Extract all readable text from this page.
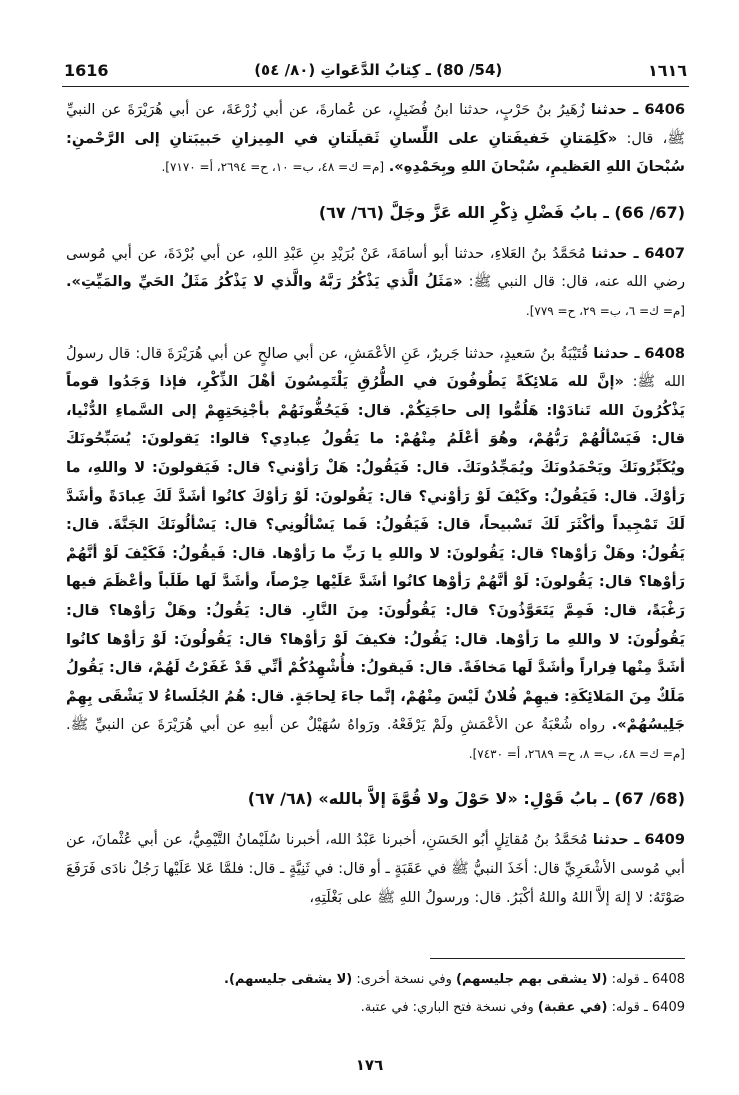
١٦١٦
(54/ 80) ـ كِتابُ الدَّعَواتِ (٨٠/ ٥٤)
1616

6406 ـ حدثنا زُهَيرُ بنُ حَرْبٍ، حدثنا ابنُ فُضَيلٍ، عن عُمارةَ، عن أبي زُرْعَةَ، عن أبي هُرَيْرَةَ عن النبيِّ ﷺ، قال: «كَلِمَتانِ خَفيفَتانِ على اللِّسانِ ثَقيلَتانِ في المِيزانِ حَبيبَتانِ إلى الرَّحْمنِ: سُبْحانَ اللهِ العَظيمِ، سُبْحانَ اللهِ وبِحَمْدِهِ». [م= ك= ٤٨، ب= ١٠، ح= ٢٦٩٤، أ= ٧١٧٠].

(67/ 66) ـ بابُ فَضْلِ ذِكْرِ الله عَزَّ وجَلَّ (٦٦/ ٦٧)

6407 ـ حدثنا مُحَمَّدُ بنُ العَلاءِ، حدثنا أبو أسامَةَ، عَنْ بُرَيْدِ بنِ عَبْدِ اللهِ، عن أبي بُرْدَةَ، عن أبي مُوسى رضي الله عنه، قال: قال النبي ﷺ: «مَثَلُ الَّذي يَذْكُرُ رَبَّهُ والَّذي لا يَذْكُرُ مَثَلُ الحَيِّ والمَيِّتِ». [م= ك= ٦، ب= ٢٩، ح= ٧٧٩].

6408 ـ حدثنا قُتَيْبَةُ بنُ سَعيدٍ، حدثنا جَريرٌ، عَنِ الأعْمَشِ، عن أبي صالحٍ عن أبي هُرَيْرَةَ قال: قال رسولُ الله ﷺ: «إنَّ لله مَلائِكَةً يَطُوفُونَ في الطُّرُقِ يَلْتَمِسُونَ أهْلَ الذِّكْرِ، فإذا وَجَدُوا قوماً يَذْكُرُونَ الله تَنادَوْا: هَلُمُّوا إلى حاجَتِكُمْ. قال: فَيَحُفُّونَهُمْ بأجْنِحَتِهِمْ إلى السَّماءِ الدُّنْيا، قال: فَيَسْألُهُمْ رَبُّهُمْ، وهُوَ أعْلَمُ مِنْهُمْ: ما يَقُولُ عِبادِي؟ قالوا: يَقولونَ: يُسَبِّحُونَكَ ويُكَبِّرُونَكَ ويَحْمَدُونَكَ ويُمَجِّدُونَكَ. قال: فَيَقُولُ: هَلْ رَأوْني؟ قال: فَيَقولونَ: لا واللهِ، ما رَأوْكَ. قال: فَيَقُولُ: وكَيْفَ لَوْ رَأوْني؟ قال: يَقُولونَ: لَوْ رَأوْكَ كانُوا أشَدَّ لَكَ عِبادَةً وأشَدَّ لَكَ تَمْجِيداً وأكْثَرَ لَكَ تَسْبيحاً، قال: فَيَقُولُ: فَما يَسْألُونِي؟ قال: يَسْألُونَكَ الجَنَّةَ. قال: يَقُولُ: وهَلْ رَأوْها؟ قال: يَقُولونَ: لا واللهِ يا رَبِّ ما رَأوْها. قال: فَيقُولُ: فَكَيْفَ لَوْ أنَّهُمْ رَأوْها؟ قال: يَقُولونَ: لَوْ أنَّهُمْ رَأوْها كانُوا أشَدَّ عَلَيْها حِرْصاً، وأشَدَّ لَها طَلَباً وأعْظَمَ فيها رَغْبَةً، قال: فَمِمَّ يَتَعَوَّذُونَ؟ قال: يَقُولُونَ: مِنَ النَّارِ. قال: يَقُولُ: وهَلْ رَأوْها؟ قال: يَقُولُونَ: لا واللهِ ما رَأوْها. قال: يَقُولُ: فكيفَ لَوْ رَأوْها؟ قال: يَقُولُونَ: لَوْ رَأوْها كانُوا أشَدَّ مِنْها فِراراً وأشَدَّ لَها مَخافَةً. قال: فَيقولُ: فأُشْهِدُكُمْ أنِّي قَدْ غَفَرْتُ لَهُمْ، قال: يَقُولُ مَلَكٌ مِنَ المَلائِكَةِ: فيهِمْ فُلانٌ لَيْسَ مِنْهُمْ، إنَّما جاءَ لِحاجَةٍ. قال: هُمُ الجُلَساءُ لا يَشْقَى بِهِمْ جَلِيسُهُمْ». رواه شُعْبَةُ عن الأعْمَشِ ولَمْ يَرْفَعْهُ. ورَواهُ سُهَيْلٌ عن أبيهِ عن أبي هُرَيْرَةَ عن النبيِّ ﷺ. [م= ك= ٤٨، ب= ٨، ح= ٢٦٨٩، أ= ٧٤٣٠].

(68/ 67) ـ بابُ قَوْلِ: «لا حَوْلَ ولا قُوَّةَ إلاَّ بالله» (٦٨/ ٦٧)

6409 ـ حدثنا مُحَمَّدُ بنُ مُقاتِلٍ أبُو الحَسَنِ، أخبرنا عَبْدُ الله، أخبرنا سُلَيْمانُ التَّيْمِيُّ، عن أبي عُثْمانَ، عن أبي مُوسى الأشْعَرِيِّ قال: أخَذَ النبيُّ ﷺ في عَقَبَةٍ ـ أو قال: في ثَنِيَّةٍ ـ قال: فلمَّا عَلا عَلَيْها رَجُلٌ نادَى فَرَفَعَ صَوْتَهُ: لا إلهَ إلاَّ اللهُ واللهُ أكْبَرُ. قال: ورسولُ اللهِ ﷺ على بَغْلَتِهِ،

6408 ـ قوله: (لا يشقى بهم جليسهم) وفي نسخة أخرى: (لا يشقى جليسهم).

6409 ـ قوله: (في عقبة) وفي نسخة فتح الباري: في عتبة.

١٧٦
